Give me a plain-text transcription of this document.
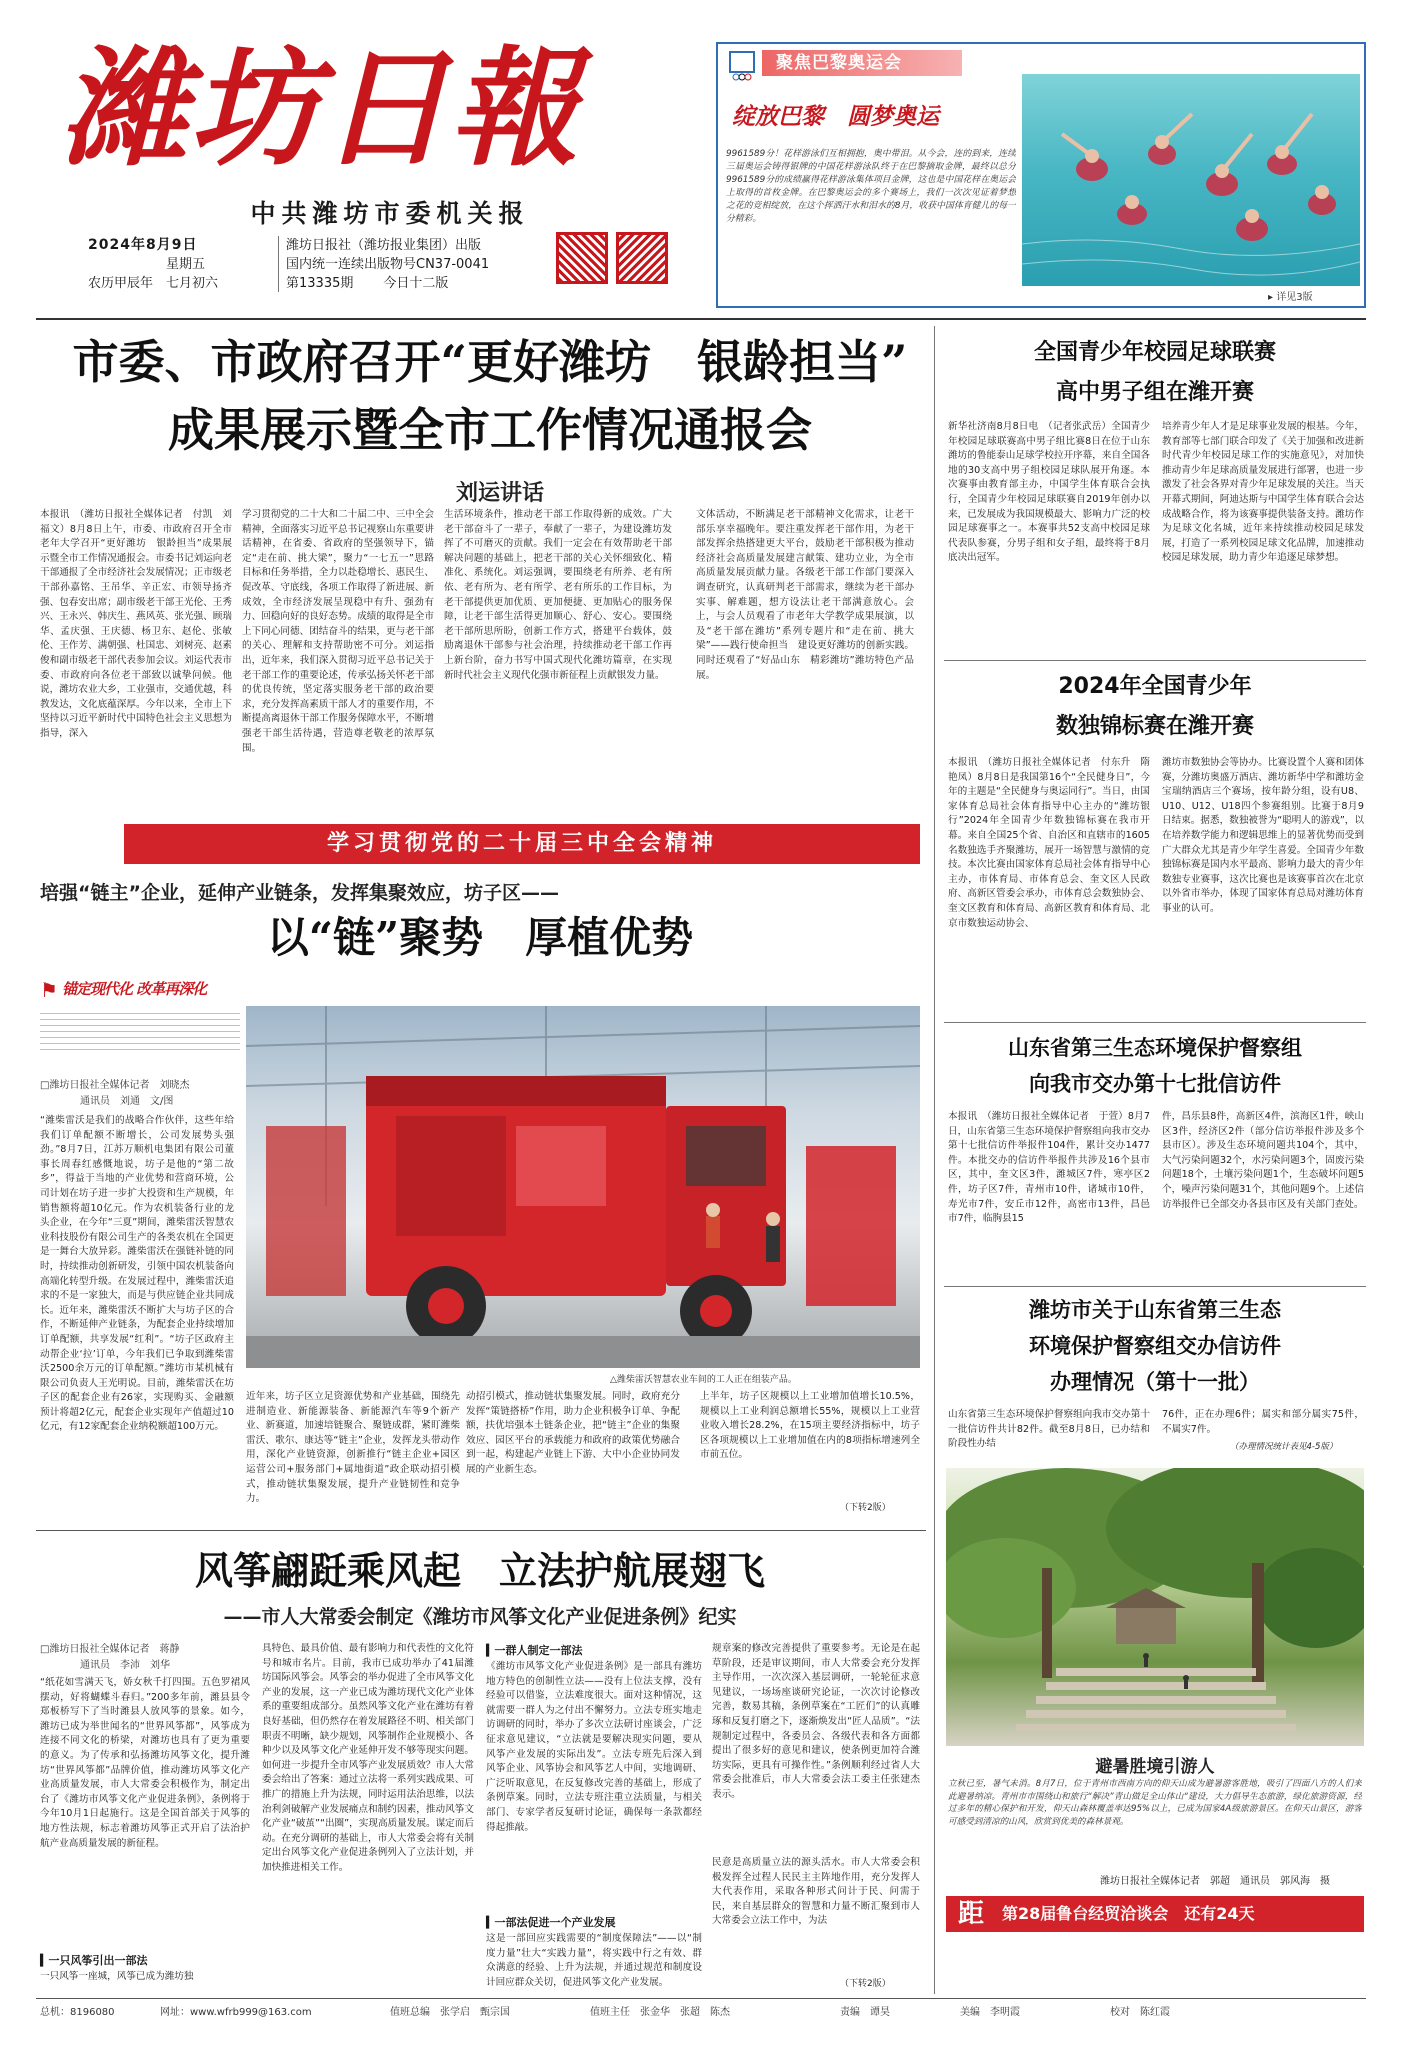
濰坊日報
中共潍坊市委机关报
2024年8月9日
星期五
农历甲辰年　七月初六
潍坊日报社（潍坊报业集团）出版
国内统一连续出版物号CN37-0041
第13335期 今日十二版
聚焦巴黎奥运会
绽放巴黎　圆梦奥运
9961589分！花样游泳们互相拥抱，奥中带泪。从今会，连的到来，连续三届奥运会铸得银牌的中国花样游泳队终于在巴黎摘取金牌，最终以总分9961589分的成绩赢得花样游泳集体项目金牌，这也是中国花样在奥运会上取得的首枚金牌。在巴黎奥运会的多个赛场上，我们一次次见证着梦想之花的竞相绽放，在这个挥洒汗水和泪水的8月，收获中国体育健儿的每一分精彩。
▸ 详见3版
市委、市政府召开“更好潍坊　银龄担当”
成果展示暨全市工作情况通报会
刘运讲话
本报讯　（潍坊日报社全媒体记者　付凯　刘福文）8月8日上午，市委、市政府召开全市老年大学召开“更好潍坊　银龄担当”成果展示暨全市工作情况通报会。市委书记刘运向老干部通报了全市经济社会发展情况；正市级老干部孙嘉铭、王吊华、辛正宏、市领导扬齐强、包春安出席；副市级老干部王光伦、王秀兴、王永兴、韩庆生、燕风英、张光强、顾瑞华、孟庆强、王庆德、杨卫东、赵伦、张敏伦、王作芳、满朝强、杜国忠、刘树亮、赵素俊和副市级老干部代表参加会议。刘运代表市委、市政府向各位老干部致以诚挚问候。他说，潍坊农业大乡，工业强市，交通优越，科教发达，文化底蕴深厚。今年以来，全市上下坚持以习近平新时代中国特色社会主义思想为指导，深入
学习贯彻党的二十大和二十届二中、三中全会精神，全面落实习近平总书记视察山东重要讲话精神，在省委、省政府的坚强领导下，锚定“走在前、挑大梁”，聚力“一七五一”思路目标和任务举措，全力以赴稳增长、惠民生、促改革、守底线，各项工作取得了新进展、新成效，全市经济发展呈现稳中有升、强劲有力、回稳向好的良好态势。成绩的取得是全市上下同心同德、团结奋斗的结果，更与老干部的关心、理解和支持帮助密不可分。刘运指出，近年来，我们深入贯彻习近平总书记关于老干部工作的重要论述，传承弘扬关怀老干部的优良传统，坚定落实服务老干部的政治要求，充分发挥高素质干部人才的重要作用，不断提高离退休干部工作服务保障水平，不断增强老干部生活待遇，营造尊老敬老的浓厚氛围。
生活环境条件，推动老干部工作取得新的成效。广大老干部奋斗了一辈子，奉献了一辈子，为建设潍坊发挥了不可磨灭的贡献。我们一定会在有效帮助老干部解决问题的基础上，把老干部的关心关怀细致化、精准化、系统化。刘运强调，要围绕老有所养、老有所依、老有所为、老有所学、老有所乐的工作目标，为老干部提供更加优质、更加便捷、更加贴心的服务保障，让老干部生活得更加顺心、舒心、安心。要围绕老干部所思所盼，创新工作方式，搭建平台载体，鼓励离退休干部参与社会治理，持续推动老干部工作再上新台阶，奋力书写中国式现代化潍坊篇章，在实现新时代社会主义现代化强市新征程上贡献银发力量。
文体活动，不断满足老干部精神文化需求，让老干部乐享幸福晚年。要注重发挥老干部作用，为老干部发挥余热搭建更大平台，鼓励老干部积极为推动经济社会高质量发展建言献策、建功立业，为全市高质量发展贡献力量。各级老干部工作部门要深入调查研究，认真研判老干部需求，继续为老干部办实事、解难题，想方设法让老干部满意放心。会上，与会人员观看了市老年大学教学成果展演，以及“老干部在潍坊”系列专题片和“走在前、挑大梁”——践行使命担当　建设更好潍坊的创新实践。同时还观看了“好品山东　精彩潍坊”潍坊特色产品展。
学习贯彻党的二十届三中全会精神
培强“链主”企业，延伸产业链条，发挥集聚效应，坊子区——
以“链”聚势　厚植优势
⚑ 锚定现代化 改革再深化
□潍坊日报社全媒体记者　刘晓杰
通讯员　刘通　文/图
“潍柴雷沃是我们的战略合作伙伴，这些年给我们订单配额不断增长，公司发展势头强劲。”8月7日，江苏万顺机电集团有限公司董事长周春红感慨地说，坊子是他的“第二故乡”，得益于当地的产业优势和营商环境，公司计划在坊子进一步扩大投资和生产规模，年销售额将超10亿元。作为农机装备行业的龙头企业，在今年“三夏”期间，潍柴雷沃智慧农业科技股份有限公司生产的各类农机在全国更是一舞台大放异彩。潍柴雷沃在强链补链的同时，持续推动创新研发，引领中国农机装备向高端化转型升级。在发展过程中，潍柴雷沃追求的不是一家独大，而是与供应链企业共同成长。近年来，潍柴雷沃不断扩大与坊子区的合作，不断延伸产业链条，为配套企业持续增加订单配额，共享发展“红利”。“坊子区政府主动帮企业‘拉’订单，今年我们已争取到潍柴雷沃2500余万元的订单配额。”潍坊市某机械有限公司负责人王光明说。目前，潍柴雷沃在坊子区的配套企业有26家，实现购买、金融额预计将超2亿元，配套企业实现年产值超过10亿元，有12家配套企业纳税额超100万元。
△潍柴雷沃智慧农业车间的工人正在组装产品。
近年来，坊子区立足资源优势和产业基础，围绕先进制造业、新能源装备、新能源汽车等9个新产业、新赛道，加速培链聚合、聚链成群，紧盯潍柴雷沃、歌尔、康达等“链主”企业，发挥龙头带动作用，深化产业链资源，创新推行“链主企业+园区运营公司+服务部门+属地街道”政企联动招引模式，推动链状集聚发展，提升产业链韧性和竞争力。
动招引模式，推动链状集聚发展。同时，政府充分发挥“策链搭桥”作用，助力企业积极争订单、争配额，扶优培强本土链条企业，把“链主”企业的集聚效应、园区平台的承载能力和政府的政策优势融合到一起，构建起产业链上下游、大中小企业协同发展的产业新生态。
上半年，坊子区规模以上工业增加值增长10.5%，规模以上工业利润总额增长55%，规模以上工业营业收入增长28.2%，在15项主要经济指标中，坊子区各项规模以上工业增加值在内的8项指标增速列全市前五位。
（下转2版）
风筝翩跹乘风起　立法护航展翅飞
——市人大常委会制定《潍坊市风筝文化产业促进条例》纪实
□潍坊日报社全媒体记者　蒋静
通讯员　李沛　刘华
“纸花如雪满天飞，娇女秋千打四围。五色罗裙风摆动，好将蝴蝶斗春归。”200多年前，潍县县令郑板桥写下了当时潍县人放风筝的景象。如今，潍坊已成为举世闻名的“世界风筝都”，风筝成为连接不同文化的桥梁，对潍坊也具有了更为重要的意义。为了传承和弘扬潍坊风筝文化，提升潍坊“世界风筝都”品牌价值，推动潍坊风筝文化产业高质量发展，市人大常委会积极作为，制定出台了《潍坊市风筝文化产业促进条例》，条例将于今年10月1日起施行。这是全国首部关于风筝的地方性法规，标志着潍坊风筝正式开启了法治护航产业高质量发展的新征程。
▍一只风筝引出一部法
一只风筝一座城，风筝已成为潍坊独
具特色、最具价值、最有影响力和代表性的文化符号和城市名片。目前，我市已成功举办了41届潍坊国际风筝会。风筝会的举办促进了全市风筝文化产业的发展，这一产业已成为潍坊现代文化产业体系的重要组成部分。虽然风筝文化产业在潍坊有着良好基础，但仍然存在着发展路径不明、相关部门职责不明晰，缺少规划，风筝制作企业规模小、各种少以及风筝文化产业延伸开发不够等现实问题。如何进一步提升全市风筝产业发展质效？市人大常委会给出了答案：通过立法将一系列实践成果、可推广的措施上升为法规，同时运用法治思维，以法治利剑破解产业发展痛点和制约因素，推动风筝文化产业“破茧”“出圈”，实现高质量发展。谋定而后动。在充分调研的基础上，市人大常委会将有关制定出台风筝文化产业促进条例列入了立法计划，并加快推进相关工作。
▍一群人制定一部法
《潍坊市风筝文化产业促进条例》是一部具有潍坊地方特色的创制性立法——没有上位法支撑，没有经验可以借鉴，立法难度很大。面对这种情况，这就需要一群人为之付出不懈努力。立法专班实地走访调研的同时，举办了多次立法研讨座谈会，广泛征求意见建议，“立法就是要解决现实问题，要从风筝产业发展的实际出发”。立法专班先后深入到风筝企业、风筝协会和风筝艺人中间，实地调研、广泛听取意见，在反复修改完善的基础上，形成了条例草案。同时，立法专班注重立法质量，与相关部门、专家学者反复研讨论证，确保每一条款都经得起推敲。
▍一部法促进一个产业发展
这是一部回应实践需要的“制度保障法”——以“制度力量”壮大“实践力量”，将实践中行之有效、群众满意的经验、上升为法规，并通过规范和制度设计回应群众关切，促进风筝文化产业发展。
规章案的修改完善提供了重要参考。无论是在起草阶段，还是审议期间，市人大常委会充分发挥主导作用，一次次深入基层调研，一轮轮征求意见建议，一场场座谈研究论证，一次次讨论修改完善，数易其稿，条例草案在“工匠们”的认真雕琢和反复打磨之下，逐渐焕发出“匠人品质”。“法规制定过程中，各委员会、各级代表和各方面都提出了很多好的意见和建议，使条例更加符合潍坊实际，更具有可操作性。”条例顺利经过省人大常委会批准后，市人大常委会法工委主任张建杰表示。
民意是高质量立法的源头活水。市人大常委会积极发挥全过程人民民主主阵地作用，充分发挥人大代表作用，采取各种形式问计于民、问需于民，来自基层群众的智慧和力量不断汇聚到市人大常委会立法工作中，为法
（下转2版）
全国青少年校园足球联赛
高中男子组在潍开赛
新华社济南8月8日电　（记者张武岳）全国青少年校园足球联赛高中男子组比赛8日在位于山东潍坊的鲁能泰山足球学校拉开序幕，来自全国各地的30支高中男子组校园足球队展开角逐。本次赛事由教育部主办，中国学生体育联合会执行，全国青少年校园足球联赛自2019年创办以来，已发展成为我国规模最大、影响力广泛的校园足球赛事之一。本赛事共52支高中校园足球代表队参赛，分男子组和女子组，最终将于8月底决出冠军。
培养青少年人才是足球事业发展的根基。今年，教育部等七部门联合印发了《关于加强和改进新时代青少年校园足球工作的实施意见》，对加快推动青少年足球高质量发展进行部署，也进一步激发了社会各界对青少年足球发展的关注。当天开幕式期间，阿迪达斯与中国学生体育联合会达成战略合作，将为该赛事提供装备支持。潍坊作为足球文化名城，近年来持续推动校园足球发展，打造了一系列校园足球文化品牌，加速推动校园足球发展，助力青少年追逐足球梦想。
2024年全国青少年
数独锦标赛在潍开赛
本报讯　（潍坊日报社全媒体记者　付东升　隋艳凤）8月8日是我国第16个“全民健身日”，今年的主题是“全民健身与奥运同行”。当日，由国家体育总局社会体育指导中心主办的“潍坊银行”2024年全国青少年数独锦标赛在我市开幕。来自全国25个省、自治区和直辖市的1605名数独选手齐聚潍坊，展开一场智慧与激情的竞技。本次比赛由国家体育总局社会体育指导中心主办，市体育局、市体育总会、奎文区人民政府、高新区管委会承办，市体育总会数独协会、奎文区教育和体育局、高新区教育和体育局、北京市数独运动协会、
潍坊市数独协会等协办。比赛设置个人赛和团体赛，分潍坊奥盛万酒店、潍坊新华中学和潍坊金宝瑞纳酒店三个赛场，按年龄分组，设有U8、U10、U12、U18四个参赛组别。比赛于8月9日结束。据悉，数独被誉为“聪明人的游戏”，以在培养数学能力和逻辑思维上的显著优势而受到广大群众尤其是青少年学生喜爱。全国青少年数独锦标赛是国内水平最高、影响力最大的青少年数独专业赛事，这次比赛也是该赛事首次在北京以外省市举办，体现了国家体育总局对潍坊体育事业的认可。
山东省第三生态环境保护督察组
向我市交办第十七批信访件
本报讯　（潍坊日报社全媒体记者　于萱）8月7日，山东省第三生态环境保护督察组向我市交办第十七批信访件举报件104件，累计交办1477件。本批交办的信访件举报件共涉及16个县市区，其中，奎文区3件，潍城区7件，寒亭区2件，坊子区7件，青州市10件，诸城市10件，寿光市7件，安丘市12件，高密市13件，昌邑市7件，临朐县15
件，昌乐县8件，高新区4件，滨海区1件，峡山区3件，经济区2件（部分信访举报件涉及多个县市区）。涉及生态环境问题共104个，其中，大气污染问题32个，水污染问题3个，固废污染问题18个，土壤污染问题1个，生态破坏问题5个，噪声污染问题31个，其他问题9个。上述信访举报件已全部交办各县市区及有关部门查处。
潍坊市关于山东省第三生态
环境保护督察组交办信访件
办理情况（第十一批）
山东省第三生态环境保护督察组向我市交办第十一批信访件共计82件。截至8月8日，已办结和阶段性办结
76件，正在办理6件；属实和部分属实75件，不属实7件。
（办理情况统计表见4-5版）
避暑胜境引游人
立秋已至，暑气未消。8月7日，位于青州市西南方向的仰天山成为避暑游客胜地，吸引了四面八方的人们来此避暑纳凉。青州市市围绕山和旅行“解决”青山做足全山体山“建设，大力倡导生态旅游，绿化旅游资源，经过多年的精心保护和开发，仰天山森林覆盖率达95%以上，已成为国家4A级旅游景区。在仰天山景区，游客可感受到清凉的山风，欣赏到优美的森林景观。
潍坊日报社全媒体记者　郭超　通讯员　郭风海　摄
距	第28届鲁台经贸洽谈会　还有24天
总机：8196080	网址：www.wfrb999@163.com	值班总编　张学启　甄宗国	值班主任　张金华　张超　陈杰	责编　谭昊	美编　李明霞	校对　陈红霞
